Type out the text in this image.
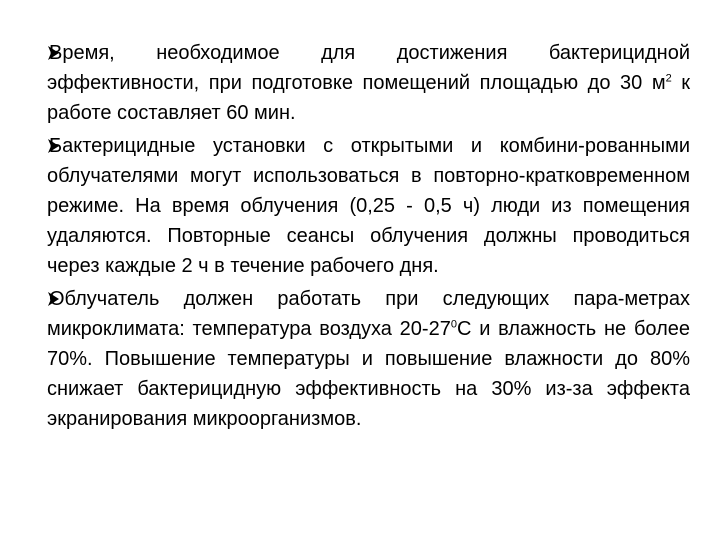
Время, необходимое для достижения бактерицидной эффективности, при подготовке помещений площадью до 30 $м^2$ к работе составляет 60 мин.
Бактерицидные установки с открытыми и комбини-рованными облучателями могут использоваться в повторно-кратковременном режиме. На время облучения (0,25 - 0,5 ч) люди из помещения удаляются. Повторные сеансы облучения должны проводиться через каждые 2 ч в течение рабочего дня.
Облучатель должен работать при следующих пара-метрах микроклимата: температура воздуха $20-27^0С$ и влажность не более 70%. Повышение температуры и повышение влажности до 80% снижает бактерицидную эффективность на 30% из-за эффекта экранирования микроорганизмов.
